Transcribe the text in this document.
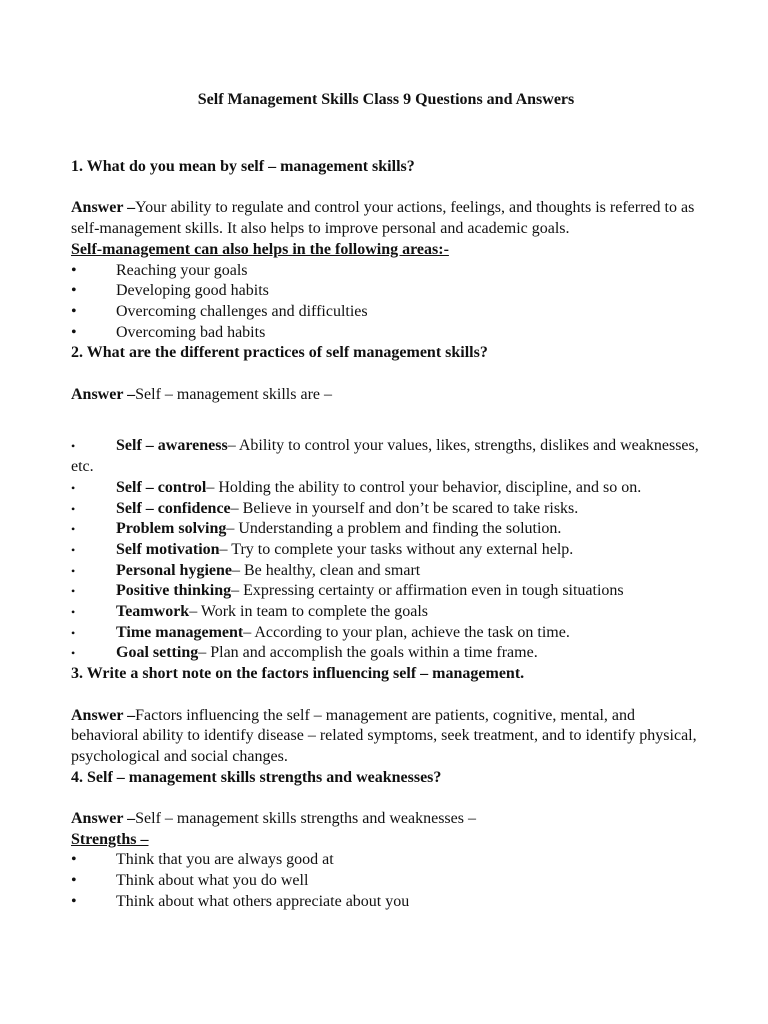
Self Management Skills Class 9 Questions and Answers

1. What do you mean by self – management skills?

Answer –Your ability to regulate and control your actions, feelings, and thoughts is referred to as self-management skills. It also helps to improve personal and academic goals.

Self-management can also helps in the following areas:-

• Reaching your goals
• Developing good habits
• Overcoming challenges and difficulties
• Overcoming bad habits

2. What are the different practices of self management skills?

Answer –Self – management skills are –

•	Self – awareness– Ability to control your values, likes, strengths, dislikes and weaknesses, etc.

•	Self – control– Holding the ability to control your behavior, discipline, and so on.
•	Self – confidence– Believe in yourself and don’t be scared to take risks.
•	Problem solving– Understanding a problem and finding the solution.
•	Self motivation– Try to complete your tasks without any external help.
•	Personal hygiene– Be healthy, clean and smart
•	Positive thinking– Expressing certainty or affirmation even in tough situations
•	Teamwork– Work in team to complete the goals
•	Time management– According to your plan, achieve the task on time.
•	Goal setting– Plan and accomplish the goals within a time frame.

3. Write a short note on the factors influencing self – management.

Answer –Factors influencing the self – management are patients, cognitive, mental, and behavioral ability to identify disease – related symptoms, seek treatment, and to identify physical, psychological and social changes.

4. Self – management skills strengths and weaknesses?

Answer –Self – management skills strengths and weaknesses –

Strengths –

• Think that you are always good at
• Think about what you do well
• Think about what others appreciate about you
